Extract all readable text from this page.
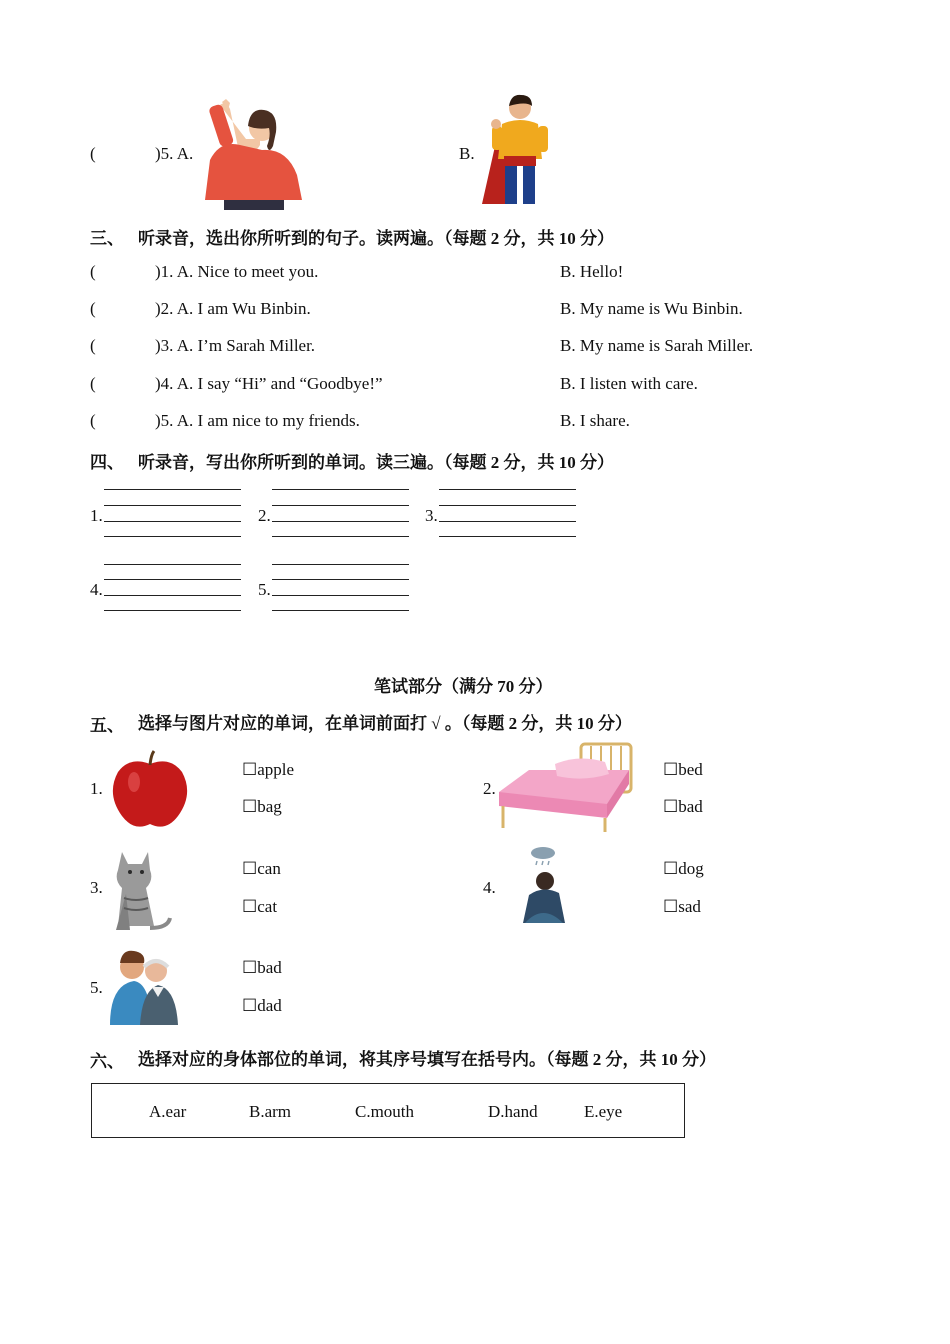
(	)5. A.	B.
三、 听录音，选出你所听到的句子。读两遍。（每题 2 分，共 10 分）
(	)1. A. Nice to meet you.	B. Hello!
(	)2. A. I am Wu Binbin.	B. My name is Wu Binbin.
(	)3. A. I’m Sarah Miller.	B. My name is Sarah Miller.
(	)4. A. I say “Hi” and “Goodbye!”	B. I listen with care.
(	)5. A. I am nice to my friends.	B. I share.
四、 听录音，写出你所听到的单词。读三遍。（每题 2 分，共 10 分）
1.	2.	3.
4.	5.
笔试部分（满分 70 分）
五、 选择与图片对应的单词，在单词前面打 √ 。（每题 2 分，共 10 分）
1.
☐apple
☐bag
2.
☐bed
☐bad
3.
☐can
☐cat
4.
☐dog
☐sad
5.
☐bad
☐dad
六、 选择对应的身体部位的单词，将其序号填写在括号内。（每题 2 分，共 10 分）
A.ear	B.arm	C.mouth	D.hand	E.eye
